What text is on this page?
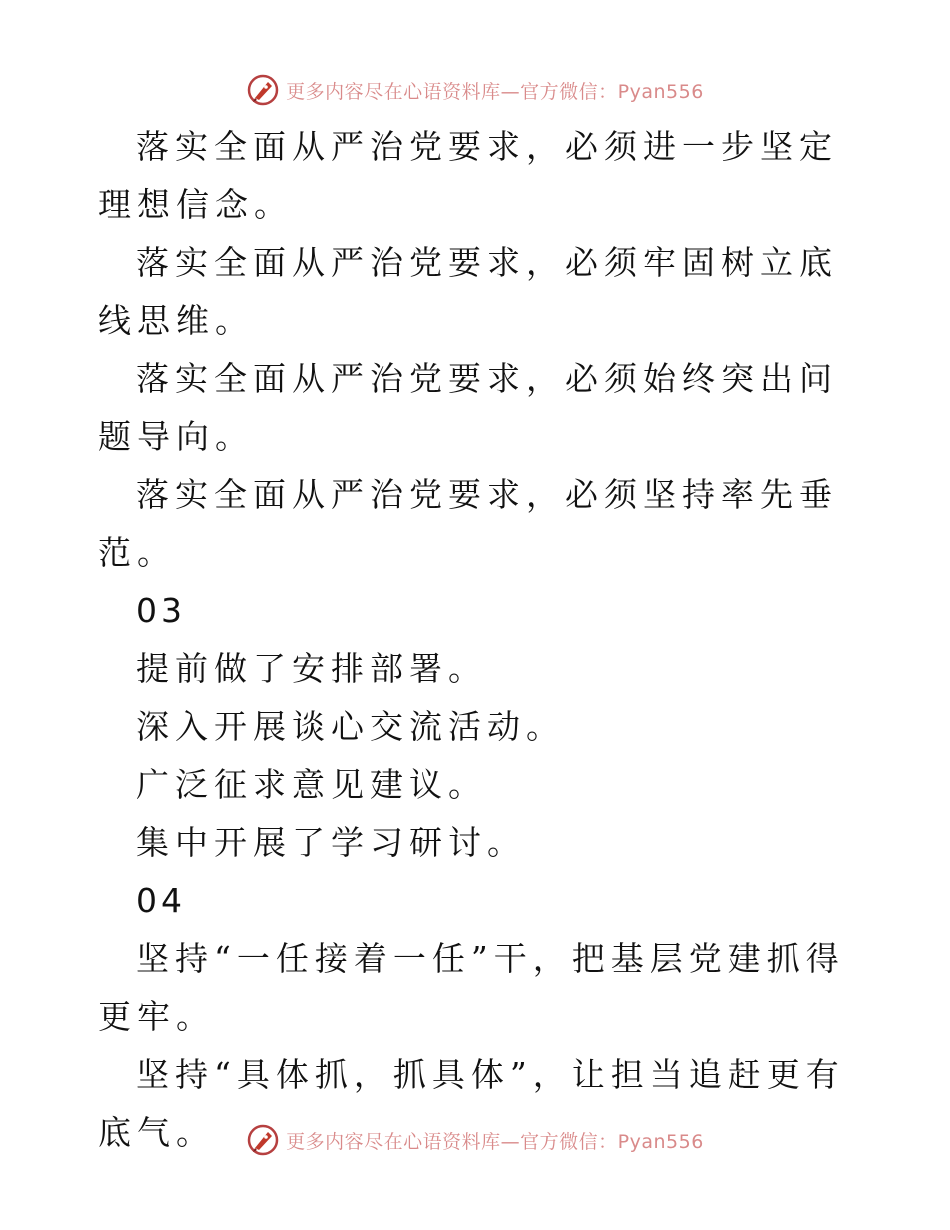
更多内容尽在心语资料库—官方微信：Pyan556

落实全面从严治党要求，必须进一步坚定理想信念。

落实全面从严治党要求，必须牢固树立底线思维。

落实全面从严治党要求，必须始终突出问题导向。

落实全面从严治党要求，必须坚持率先垂范。

03

提前做了安排部署。

深入开展谈心交流活动。

广泛征求意见建议。

集中开展了学习研讨。

04

坚持“一任接着一任”干，把基层党建抓得更牢。

坚持“具体抓，抓具体”，让担当追赶更有底气。	更多内容尽在心语资料库—官方微信：Pyan556
